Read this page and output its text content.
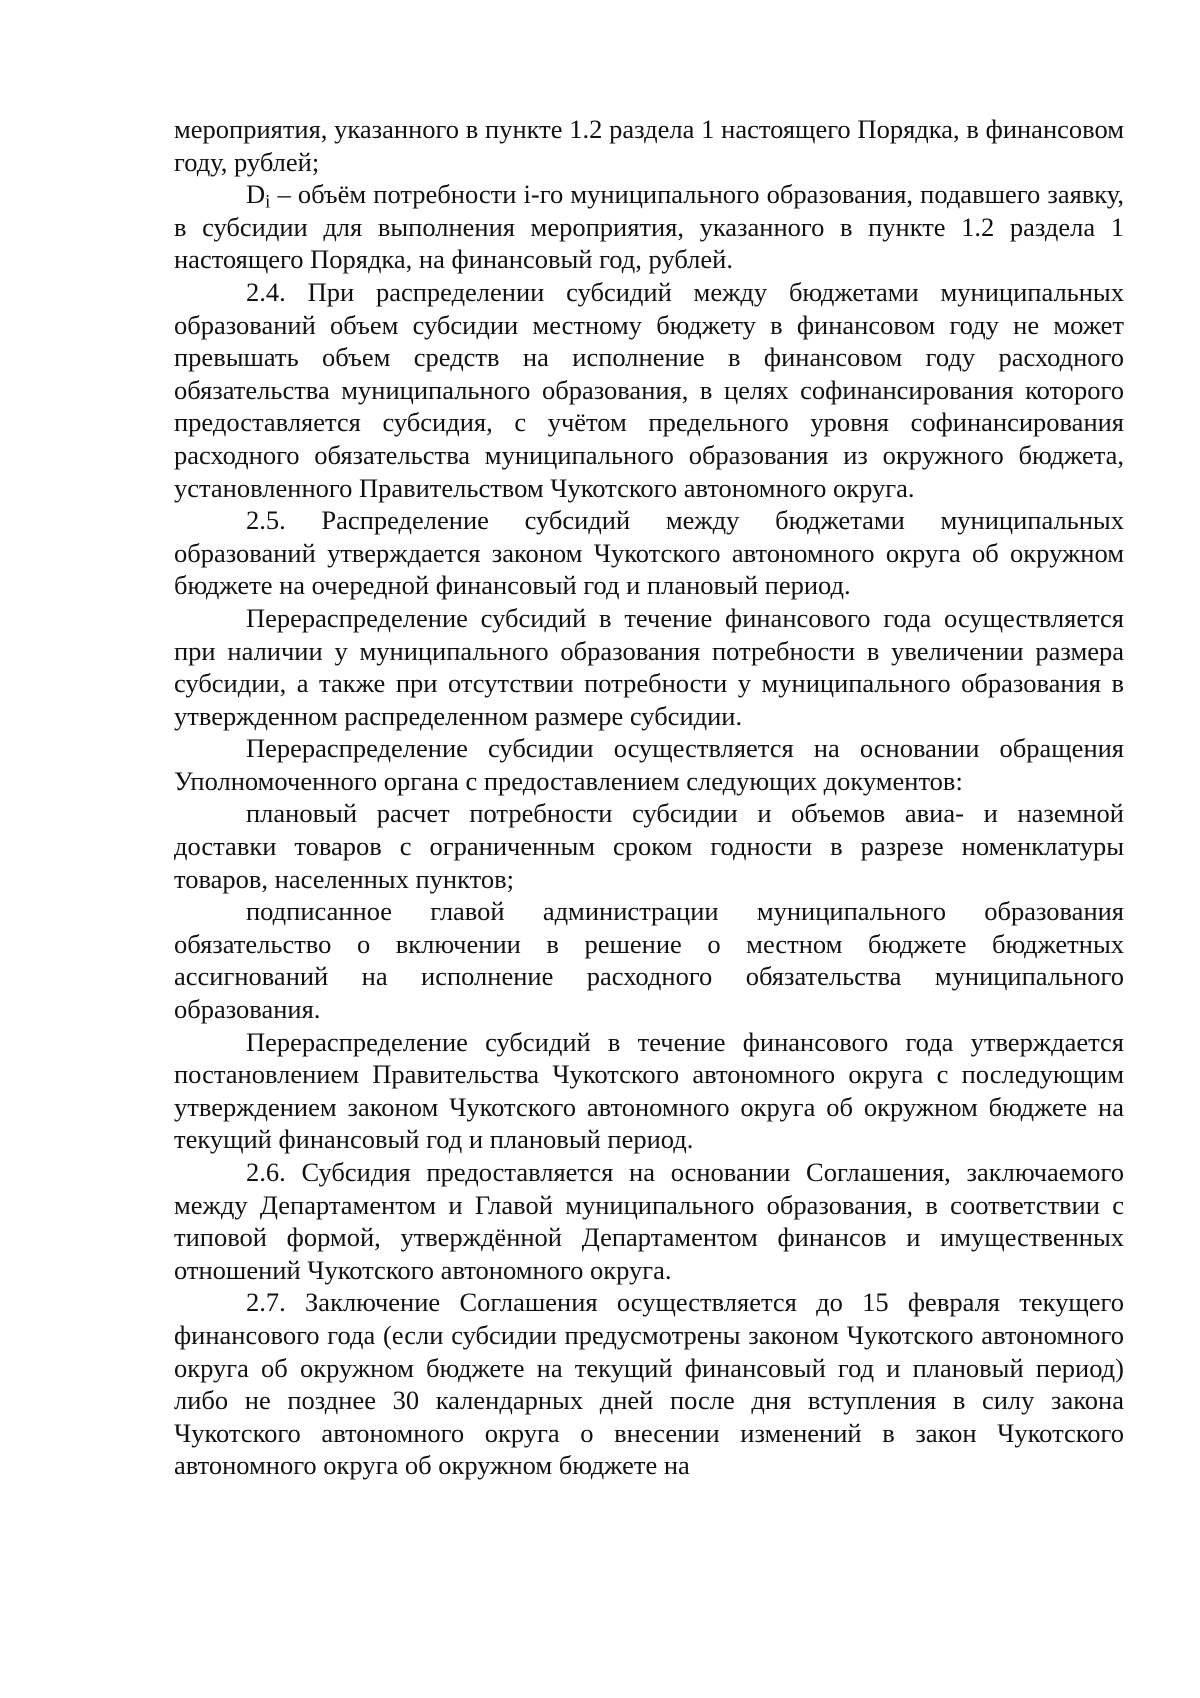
мероприятия, указанного в пункте 1.2 раздела 1 настоящего Порядка, в финансовом году, рублей;

$D_i$ – объём потребности i-го муниципального образования, подавшего заявку, в субсидии для выполнения мероприятия, указанного в пункте 1.2 раздела 1 настоящего Порядка, на финансовый год, рублей.

2.4. При распределении субсидий между бюджетами муниципальных образований объем субсидии местному бюджету в финансовом году не может превышать объем средств на исполнение в финансовом году расходного обязательства муниципального образования, в целях софинансирования которого предоставляется субсидия, с учётом предельного уровня софинансирования расходного обязательства муниципального образования из окружного бюджета, установленного Правительством Чукотского автономного округа.

2.5. Распределение субсидий между бюджетами муниципальных образований утверждается законом Чукотского автономного округа об окружном бюджете на очередной финансовый год и плановый период.

Перераспределение субсидий в течение финансового года осуществляется при наличии у муниципального образования потребности в увеличении размера субсидии, а также при отсутствии потребности у муниципального образования в утвержденном распределенном размере субсидии.

Перераспределение субсидии осуществляется на основании обращения Уполномоченного органа с предоставлением следующих документов:

плановый расчет потребности субсидии и объемов авиа- и наземной доставки товаров с ограниченным сроком годности в разрезе номенклатуры товаров, населенных пунктов;

подписанное главой администрации муниципального образования обязательство о включении в решение о местном бюджете бюджетных ассигнований на исполнение расходного обязательства муниципального образования.

Перераспределение субсидий в течение финансового года утверждается постановлением Правительства Чукотского автономного округа с последующим утверждением законом Чукотского автономного округа об окружном бюджете на текущий финансовый год и плановый период.

2.6. Субсидия предоставляется на основании Соглашения, заключаемого между Департаментом и Главой муниципального образования, в соответствии с типовой формой, утверждённой Департаментом финансов и имущественных отношений Чукотского автономного округа.

2.7. Заключение Соглашения осуществляется до 15 февраля текущего финансового года (если субсидии предусмотрены законом Чукотского автономного округа об окружном бюджете на текущий финансовый год и плановый период) либо не позднее 30 календарных дней после дня вступления в силу закона Чукотского автономного округа о внесении изменений в закон Чукотского автономного округа об окружном бюджете на
